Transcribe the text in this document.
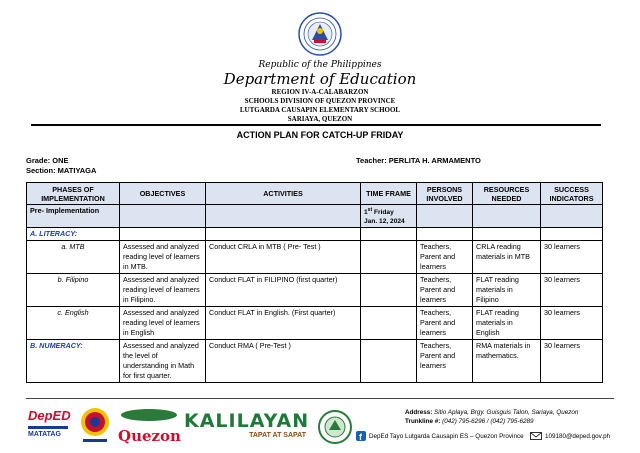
Republic of the Philippines
Department of Education
REGION IV-A-CALABARZON
SCHOOLS DIVISION OF QUEZON PROVINCE
LUTGARDA CAUSAPIN ELEMENTARY SCHOOL
SARIAYA, QUEZON
ACTION PLAN FOR CATCH-UP FRIDAY
Grade: ONE
Section: MATIYAGA
Teacher: PERLITA H. ARMAMENTO
PHASES OF IMPLEMENTATION	OBJECTIVES	ACTIVITIES	TIME FRAME	PERSONS INVOLVED	RESOURCES NEEDED	SUCCESS INDICATORS
Pre- Implementation			1st Friday
Jan. 12, 2024			
A. LITERACY:						
a. MTB	Assessed and analyzed reading level of learners in MTB.	Conduct CRLA in MTB ( Pre- Test )		Teachers, Parent and learners	CRLA reading materials in MTB	30 learners
b. Filipino	Assessed and analyzed reading level of learners in Filipino.	Conduct FLAT in FILIPINO (first quarter)		Teachers, Parent and learners	FLAT reading materials in Filipino	30 learners
c. English	Assessed and analyzed reading level of learners in English	Conduct FLAT in English. (First quarter)		Teachers, Parent and learners	FLAT reading materials in English	30 learners
B. NUMERACY:	Assessed and analyzed the level of understanding in Math for first quarter.	Conduct RMA ( Pre-Test )		Teachers, Parent and learners	RMA materials in mathematics.	30 learners
DepED
MATATAG	Quezon
KALILAYAN
TAPAT AT SAPAT
Address: Sitio Aplaya, Brgy. Guisguis Talon, Sariaya, Quezon
Trunkline #: (042) 795-6296 / (042) 795-6289
f DepEd Tayo Lutgarda Causapin ES – Quezon Province	109180@deped.gov.ph
